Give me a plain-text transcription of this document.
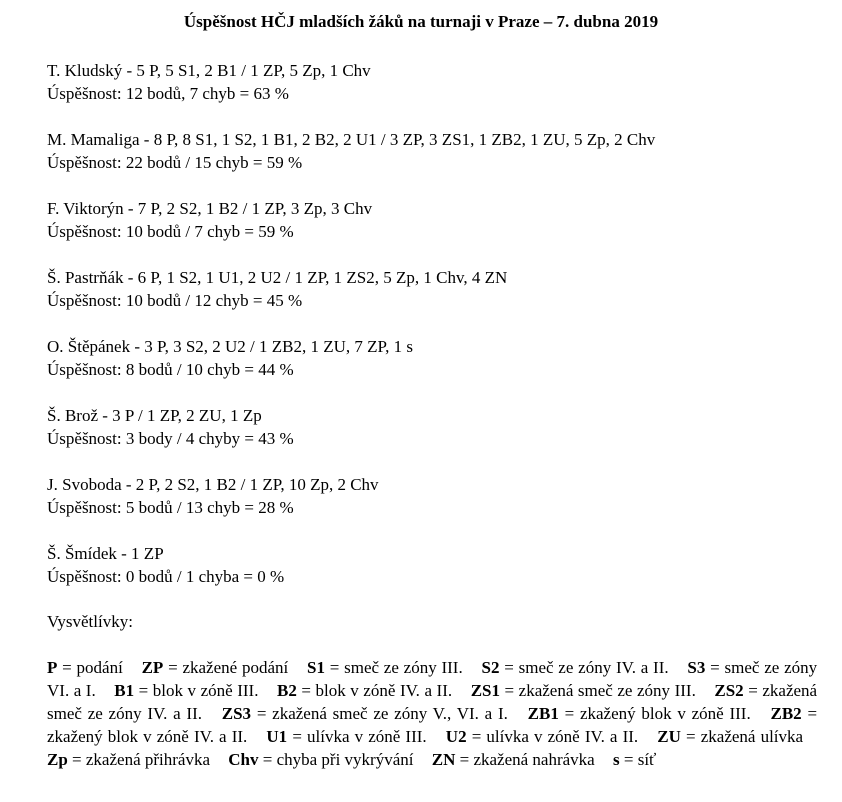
Úspěšnost HČJ mladších žáků na turnaji v Praze – 7. dubna 2019
T. Kludský - 5 P, 5 S1, 2 B1 / 1 ZP, 5 Zp, 1 Chv
Úspěšnost: 12 bodů, 7 chyb = 63 %
M. Mamaliga - 8 P, 8 S1, 1 S2, 1 B1, 2 B2, 2 U1 / 3 ZP, 3 ZS1, 1 ZB2, 1 ZU, 5 Zp, 2 Chv
Úspěšnost: 22 bodů / 15 chyb = 59 %
F. Viktorýn - 7 P, 2 S2, 1 B2 / 1 ZP, 3 Zp, 3 Chv
Úspěšnost: 10 bodů / 7 chyb = 59 %
Š. Pastrňák - 6 P, 1 S2, 1 U1, 2 U2 / 1 ZP, 1 ZS2, 5 Zp, 1 Chv, 4 ZN
Úspěšnost: 10 bodů / 12 chyb = 45 %
O. Štěpánek - 3 P, 3 S2, 2 U2 / 1 ZB2, 1 ZU, 7 ZP, 1 s
Úspěšnost: 8 bodů / 10 chyb = 44 %
Š. Brož - 3 P / 1 ZP, 2 ZU, 1 Zp
Úspěšnost: 3 body / 4 chyby = 43 %
J. Svoboda - 2 P, 2 S2, 1 B2 / 1 ZP, 10 Zp, 2 Chv
Úspěšnost: 5 bodů / 13 chyb = 28 %
Š. Šmídek - 1 ZP
Úspěšnost: 0 bodů / 1 chyba = 0 %
Vysvětlívky:
P = podání ZP = zkažené podání S1 = smeč ze zóny III. S2 = smeč ze zóny IV. a II. S3 = smeč ze zóny VI. a I. B1 = blok v zóně III. B2 = blok v zóně IV. a II. ZS1 = zkažená smeč ze zóny III. ZS2 = zkažená smeč ze zóny IV. a II. ZS3 = zkažená smeč ze zóny V., VI. a I. ZB1 = zkažený blok v zóně III. ZB2 = zkažený blok v zóně IV. a II. U1 = ulívka v zóně III. U2 = ulívka v zóně IV. a II. ZU = zkažená ulívka Zp = zkažená přihrávka Chv = chyba při vykrývání ZN = zkažená nahrávka s = síť
